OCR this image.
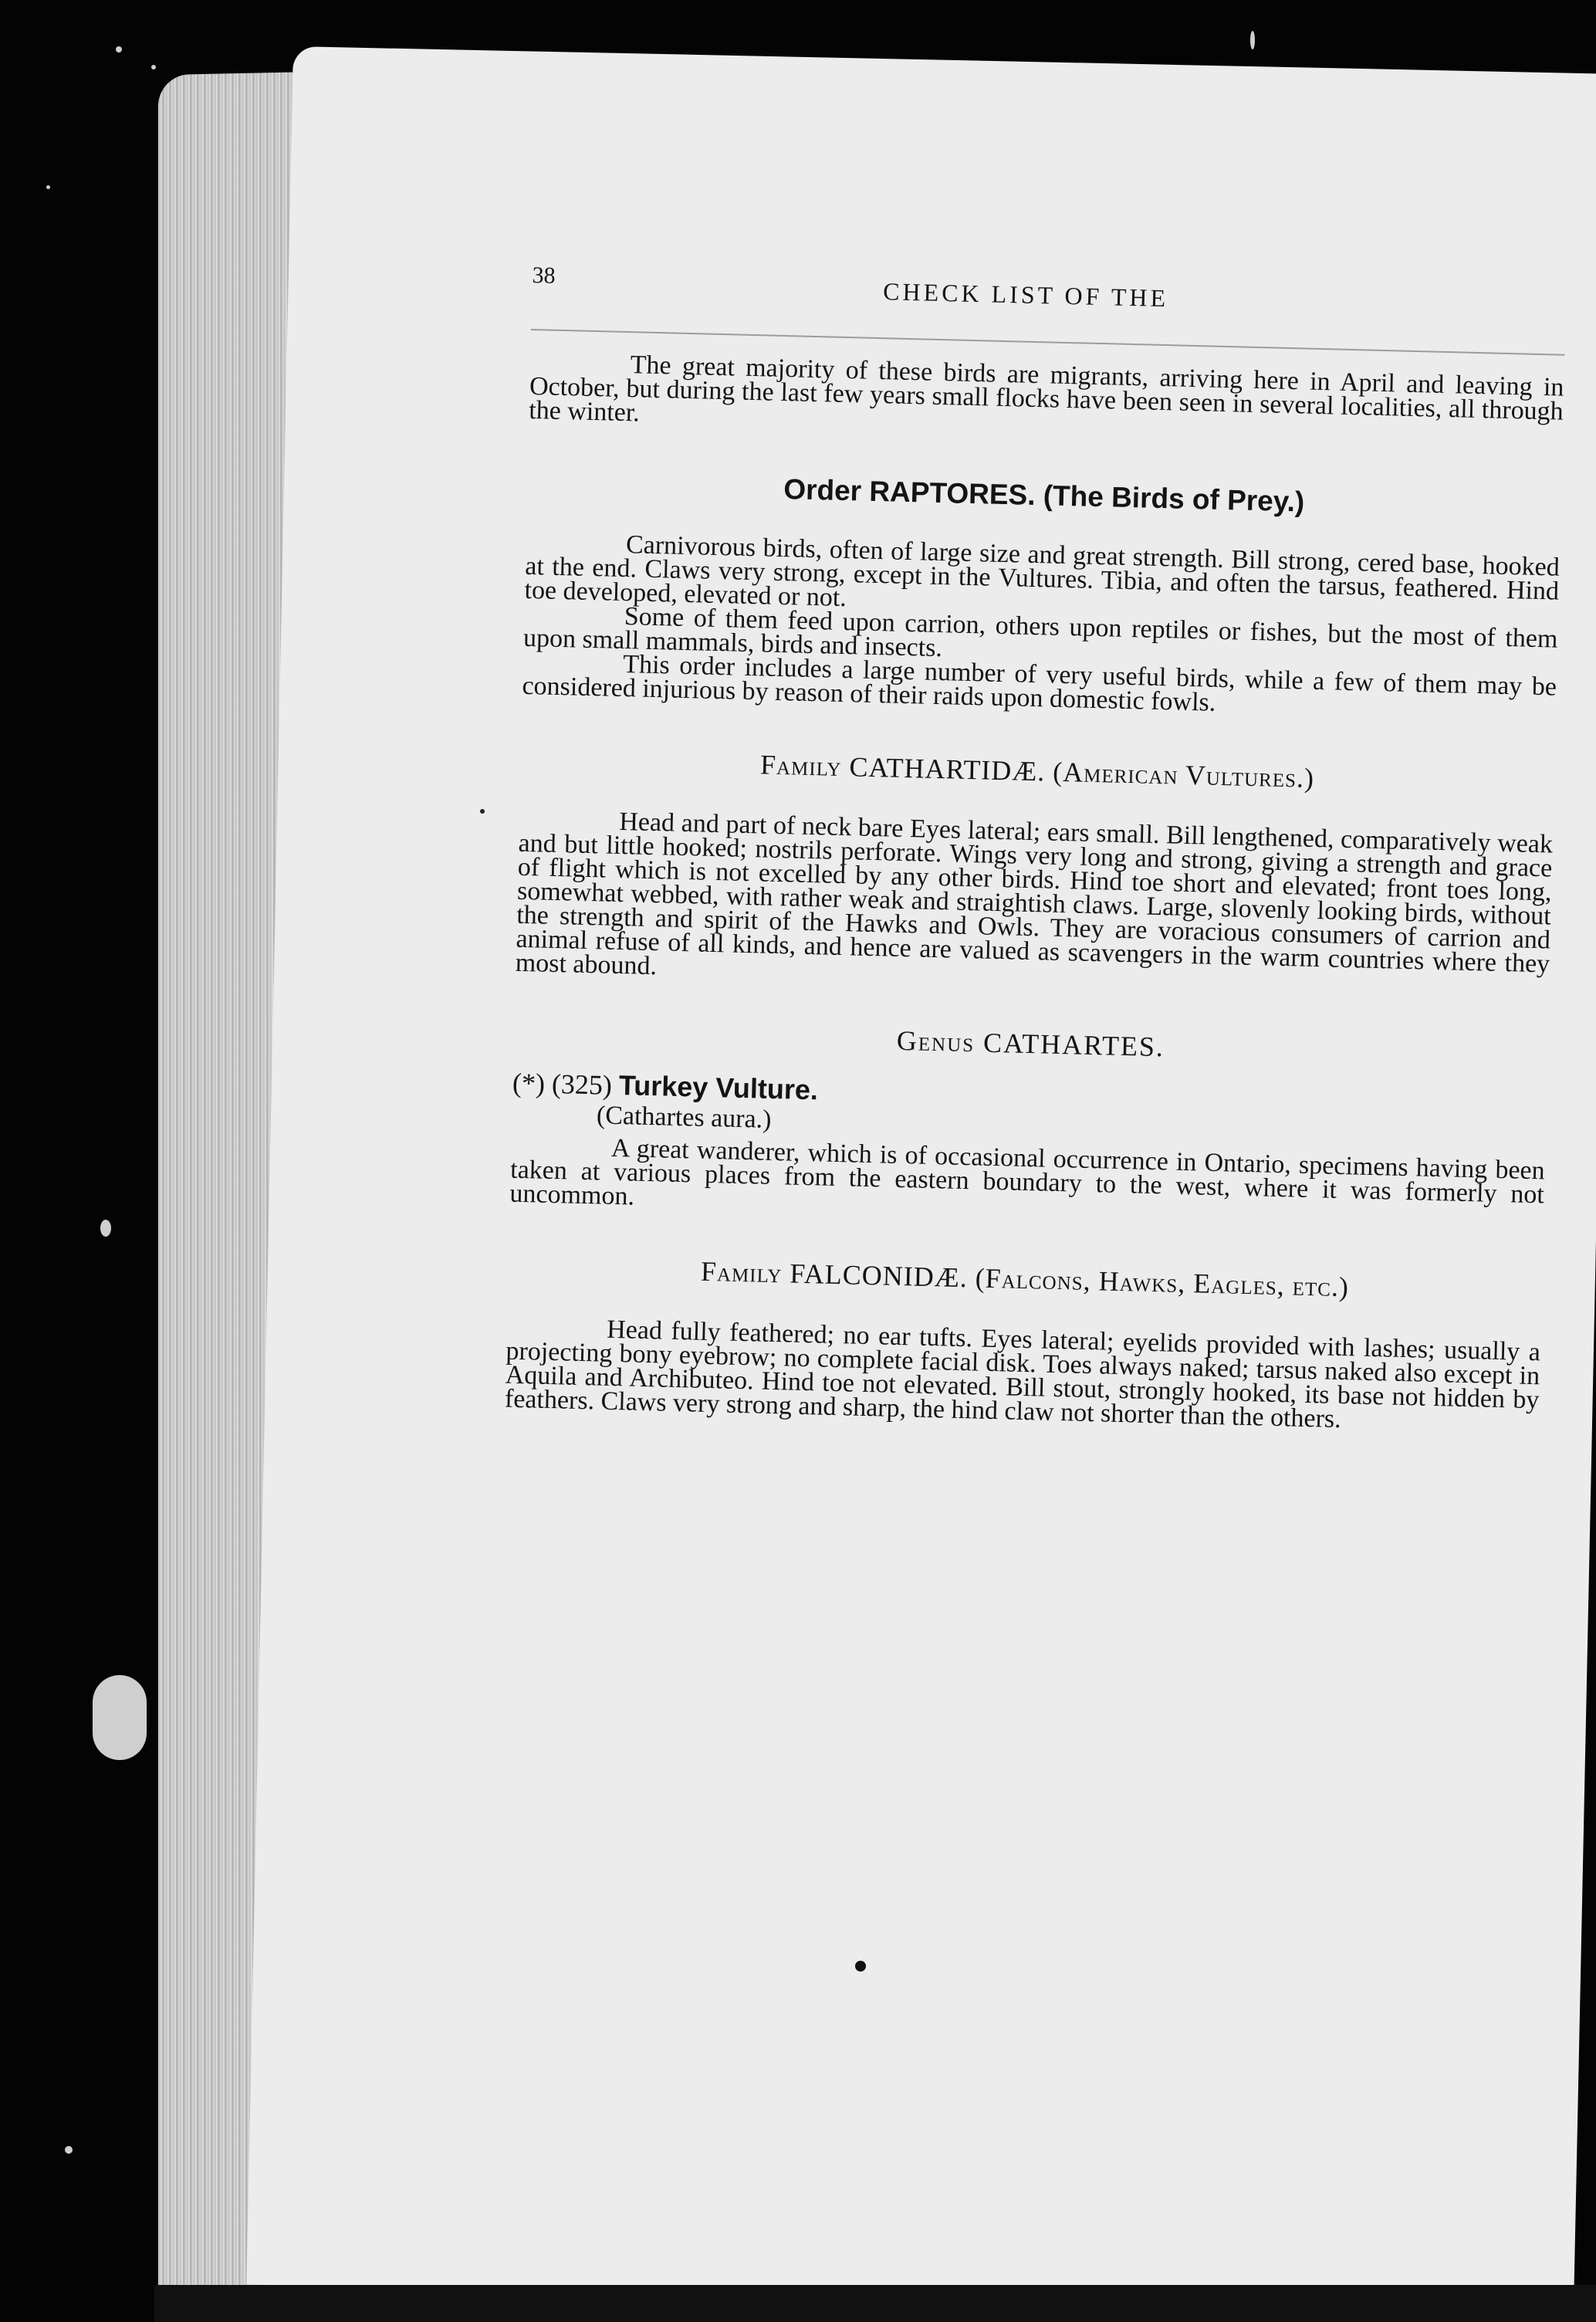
38
CHECK LIST OF THE

The great majority of these birds are migrants, arriving here in April and leaving in October, but during the last few years small flocks have been seen in several localities, all through the winter.

Order RAPTORES. (The Birds of Prey.)

Carnivorous birds, often of large size and great strength. Bill strong, cered base, hooked at the end. Claws very strong, except in the Vultures. Tibia, and often the tarsus, feathered. Hind toe developed, elevated or not.

Some of them feed upon carrion, others upon reptiles or fishes, but the most of them upon small mammals, birds and insects.

This order includes a large number of very useful birds, while a few of them may be considered injurious by reason of their raids upon domestic fowls.

Family CATHARTIDÆ. (American Vultures.)

Head and part of neck bare Eyes lateral; ears small. Bill lengthened, comparatively weak and but little hooked; nostrils perforate. Wings very long and strong, giving a strength and grace of flight which is not excelled by any other birds. Hind toe short and elevated; front toes long, somewhat webbed, with rather weak and straightish claws. Large, slovenly looking birds, without the strength and spirit of the Hawks and Owls. They are voracious consumers of carrion and animal refuse of all kinds, and hence are valued as scavengers in the warm countries where they most abound.

Genus CATHARTES.
(*) (325) Turkey Vulture.
(Cathartes aura.)

A great wanderer, which is of occasional occurrence in Ontario, specimens having been taken at various places from the eastern boundary to the west, where it was formerly not uncommon.

Family FALCONIDÆ. (Falcons, Hawks, Eagles, etc.)

Head fully feathered; no ear tufts. Eyes lateral; eyelids provided with lashes; usually a projecting bony eyebrow; no complete facial disk. Toes always naked; tarsus naked also except in Aquila and Archibuteo. Hind toe not elevated. Bill stout, strongly hooked, its base not hidden by feathers. Claws very strong and sharp, the hind claw not shorter than the others.
